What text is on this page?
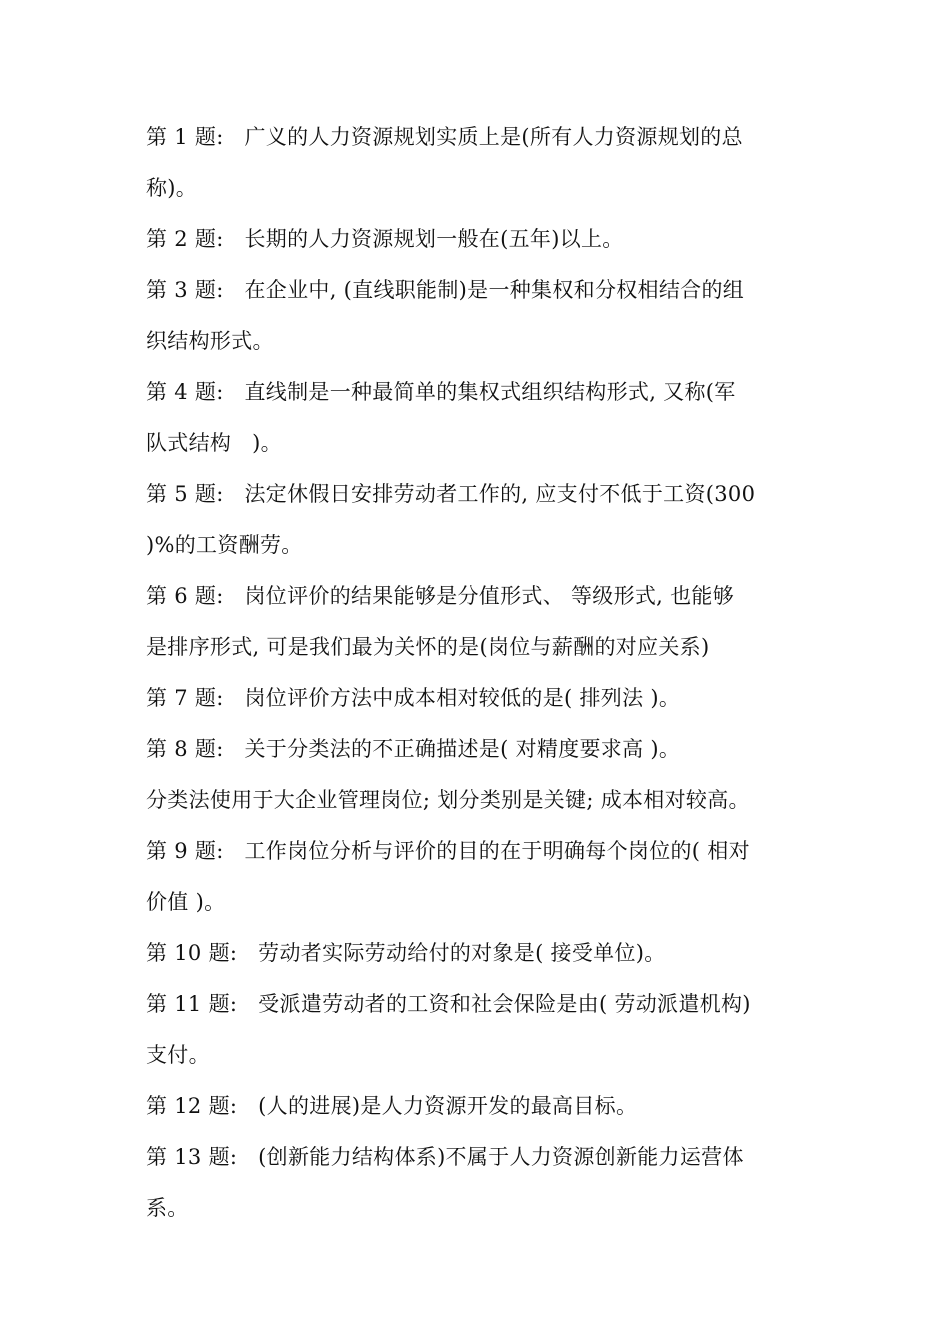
第 1 题:   广义的人力资源规划实质上是(所有人力资源规划的总
称)。
第 2 题:   长期的人力资源规划一般在(五年)以上。
第 3 题:   在企业中, (直线职能制)是一种集权和分权相结合的组
织结构形式。
第 4 题:   直线制是一种最简单的集权式组织结构形式, 又称(军
队式结构   )。
第 5 题:   法定休假日安排劳动者工作的, 应支付不低于工资(300
)%的工资酬劳。
第 6 题:   岗位评价的结果能够是分值形式、 等级形式, 也能够
是排序形式, 可是我们最为关怀的是(岗位与薪酬的对应关系)
第 7 题:   岗位评价方法中成本相对较低的是( 排列法 )。
第 8 题:   关于分类法的不正确描述是( 对精度要求高 )。
分类法使用于大企业管理岗位; 划分类别是关键; 成本相对较高。
第 9 题:   工作岗位分析与评价的目的在于明确每个岗位的( 相对
价值 )。
第 10 题:   劳动者实际劳动给付的对象是( 接受单位)。
第 11 题:   受派遣劳动者的工资和社会保险是由( 劳动派遣机构)
支付。
第 12 题:   (人的进展)是人力资源开发的最高目标。
第 13 题:   (创新能力结构体系)不属于人力资源创新能力运营体
系。
